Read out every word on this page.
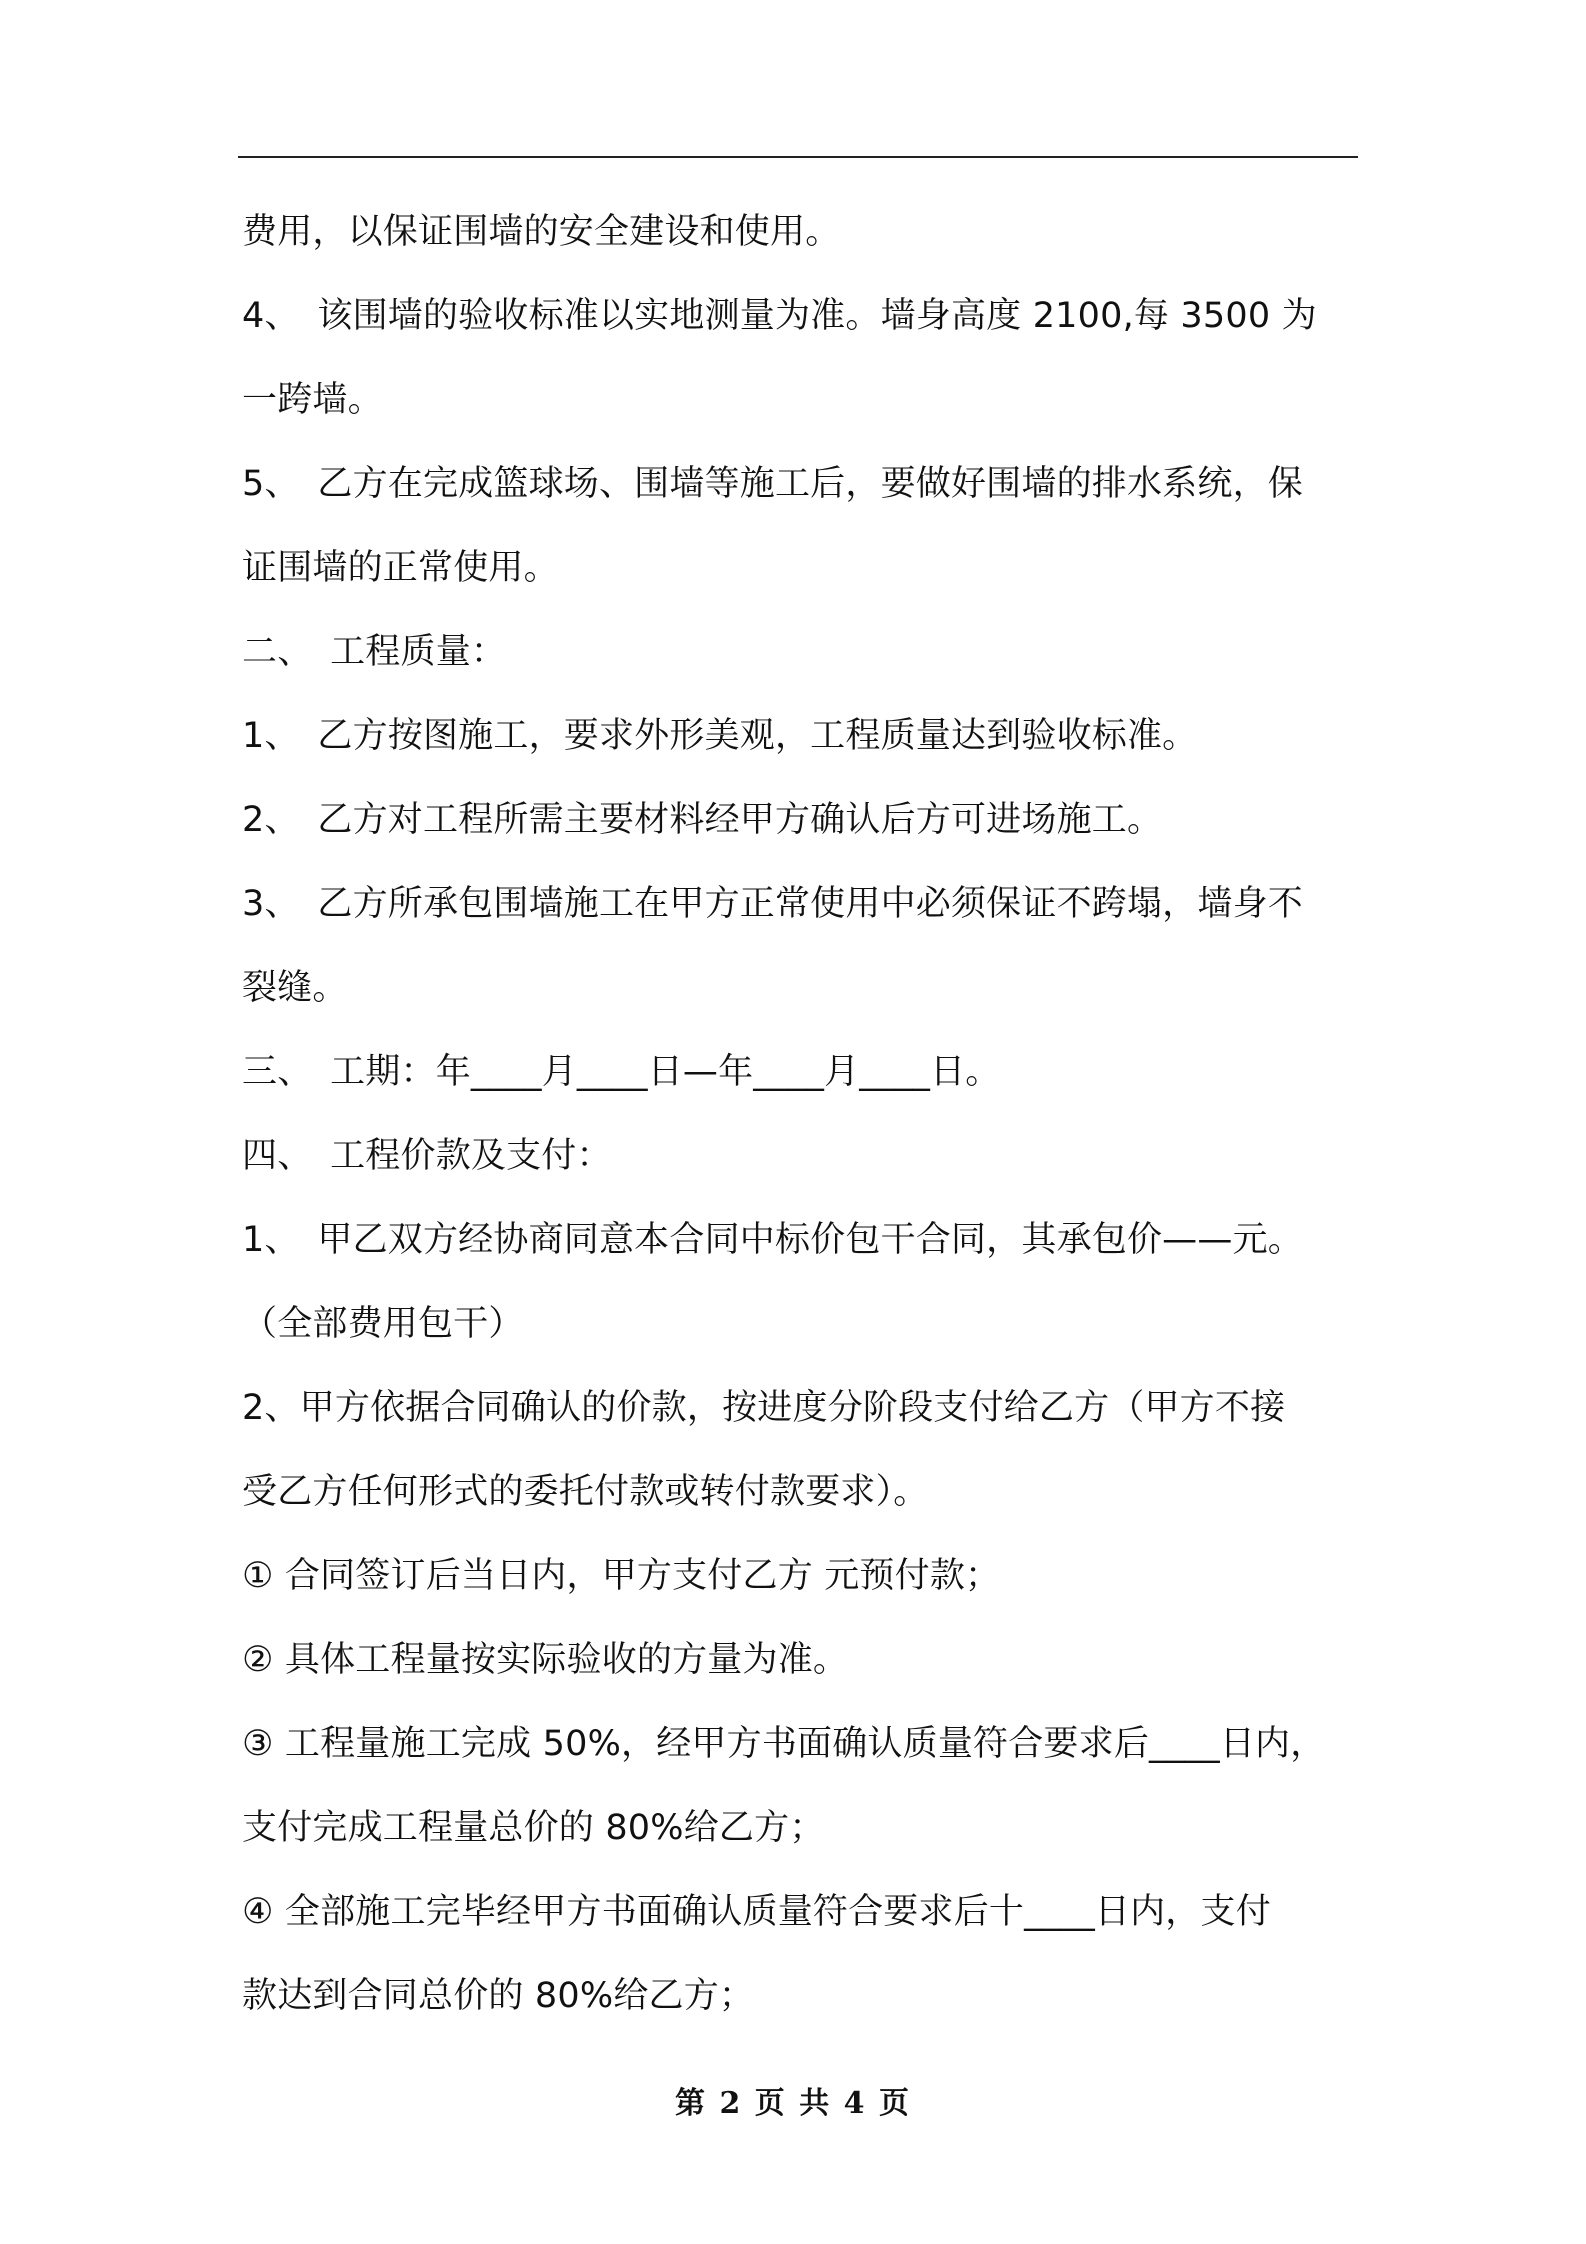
费用，以保证围墙的安全建设和使用。
4、　该围墙的验收标准以实地测量为准。墙身高度 2100,每 3500 为
一跨墙。
5、　乙方在完成篮球场、围墙等施工后，要做好围墙的排水系统，保
证围墙的正常使用。
二、　工程质量：
1、　乙方按图施工，要求外形美观，工程质量达到验收标准。
2、　乙方对工程所需主要材料经甲方确认后方可进场施工。
3、　乙方所承包围墙施工在甲方正常使用中必须保证不跨塌，墙身不
裂缝。
三、　工期：年____月____日—年____月____日。
四、　工程价款及支付：
1、　甲乙双方经协商同意本合同中标价包干合同，其承包价——元。
（全部费用包干）
2、甲方依据合同确认的价款，按进度分阶段支付给乙方（甲方不接
受乙方任何形式的委托付款或转付款要求）。
① 合同签订后当日内，甲方支付乙方 元预付款；
② 具体工程量按实际验收的方量为准。
③ 工程量施工完成 50%，经甲方书面确认质量符合要求后____日内，
支付完成工程量总价的 80%给乙方；
④ 全部施工完毕经甲方书面确认质量符合要求后十____日内，支付
款达到合同总价的 80%给乙方；
第 2 页 共 4 页
